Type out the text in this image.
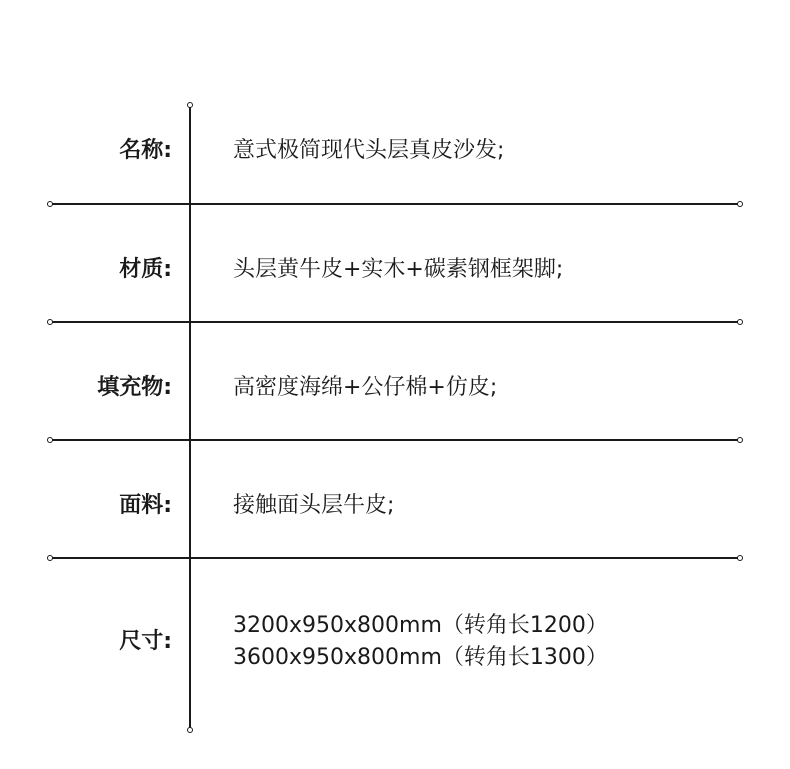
名称:	意式极简现代头层真皮沙发;
材质:	头层黄牛皮+实木+碳素钢框架脚;
填充物:	高密度海绵+公仔棉+仿皮;
面料:	接触面头层牛皮;
尺寸:
3200x950x800mm（转角长1200）
3600x950x800mm（转角长1300）
